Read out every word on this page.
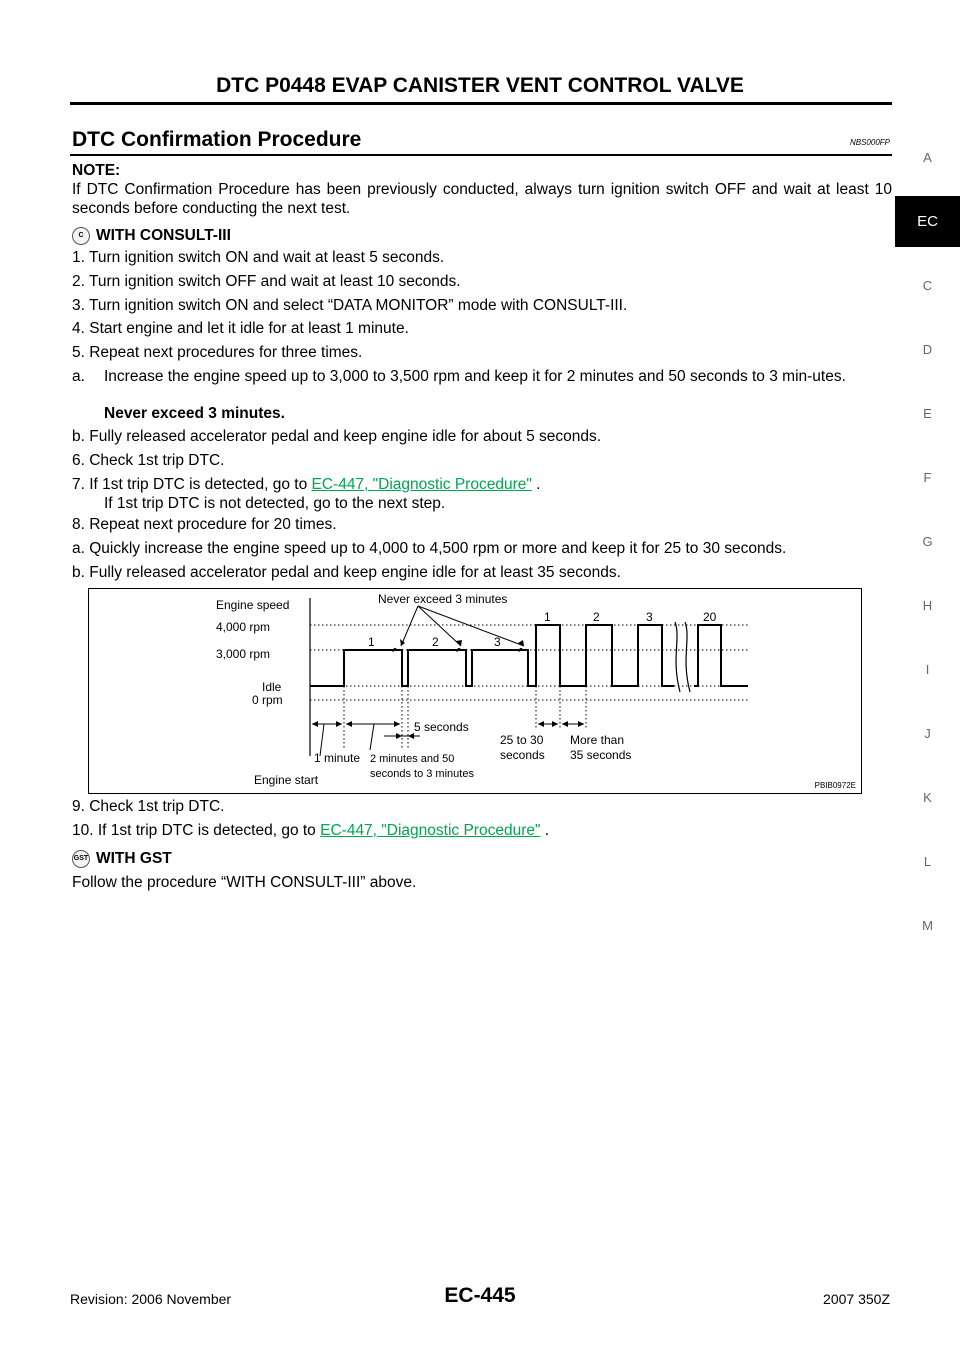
DTC P0448 EVAP CANISTER VENT CONTROL VALVE
DTC Confirmation Procedure	NBS000FP
NOTE:
If DTC Confirmation Procedure has been previously conducted, always turn ignition switch OFF and wait at least 10 seconds before conducting the next test.
C WITH CONSULT-III
1. Turn ignition switch ON and wait at least 5 seconds.
2. Turn ignition switch OFF and wait at least 10 seconds.
3. Turn ignition switch ON and select “DATA MONITOR” mode with CONSULT-III.
4. Start engine and let it idle for at least 1 minute.
5. Repeat next procedures for three times.
a. Increase the engine speed up to 3,000 to 3,500 rpm and keep it for 2 minutes and 50 seconds to 3 min-utes.
Never exceed 3 minutes.
b. Fully released accelerator pedal and keep engine idle for about 5 seconds.
6. Check 1st trip DTC.
7. If 1st trip DTC is detected, go to EC-447, "Diagnostic Procedure" .
If 1st trip DTC is not detected, go to the next step.
8. Repeat next procedure for 20 times.
a. Quickly increase the engine speed up to 4,000 to 4,500 rpm or more and keep it for 25 to 30 seconds.
b. Fully released accelerator pedal and keep engine idle for at least 35 seconds.
Engine speed
4,000 rpm
3,000 rpm
Idle
0 rpm
Never exceed 3 minutes
1	2	3
1	2	3	20
5 seconds
1 minute 2 minutes and 50
seconds to 3 minutes
25 to 30
seconds
More than
35 seconds
Engine start	PBIB0972E
9. Check 1st trip DTC.
10. If 1st trip DTC is detected, go to EC-447, "Diagnostic Procedure" .
GST WITH GST
Follow the procedure “WITH CONSULT-III” above.
A
EC
C
D
E
F
G
H
I
J
K
L
M
EC-445
Revision: 2006 November	2007 350Z
